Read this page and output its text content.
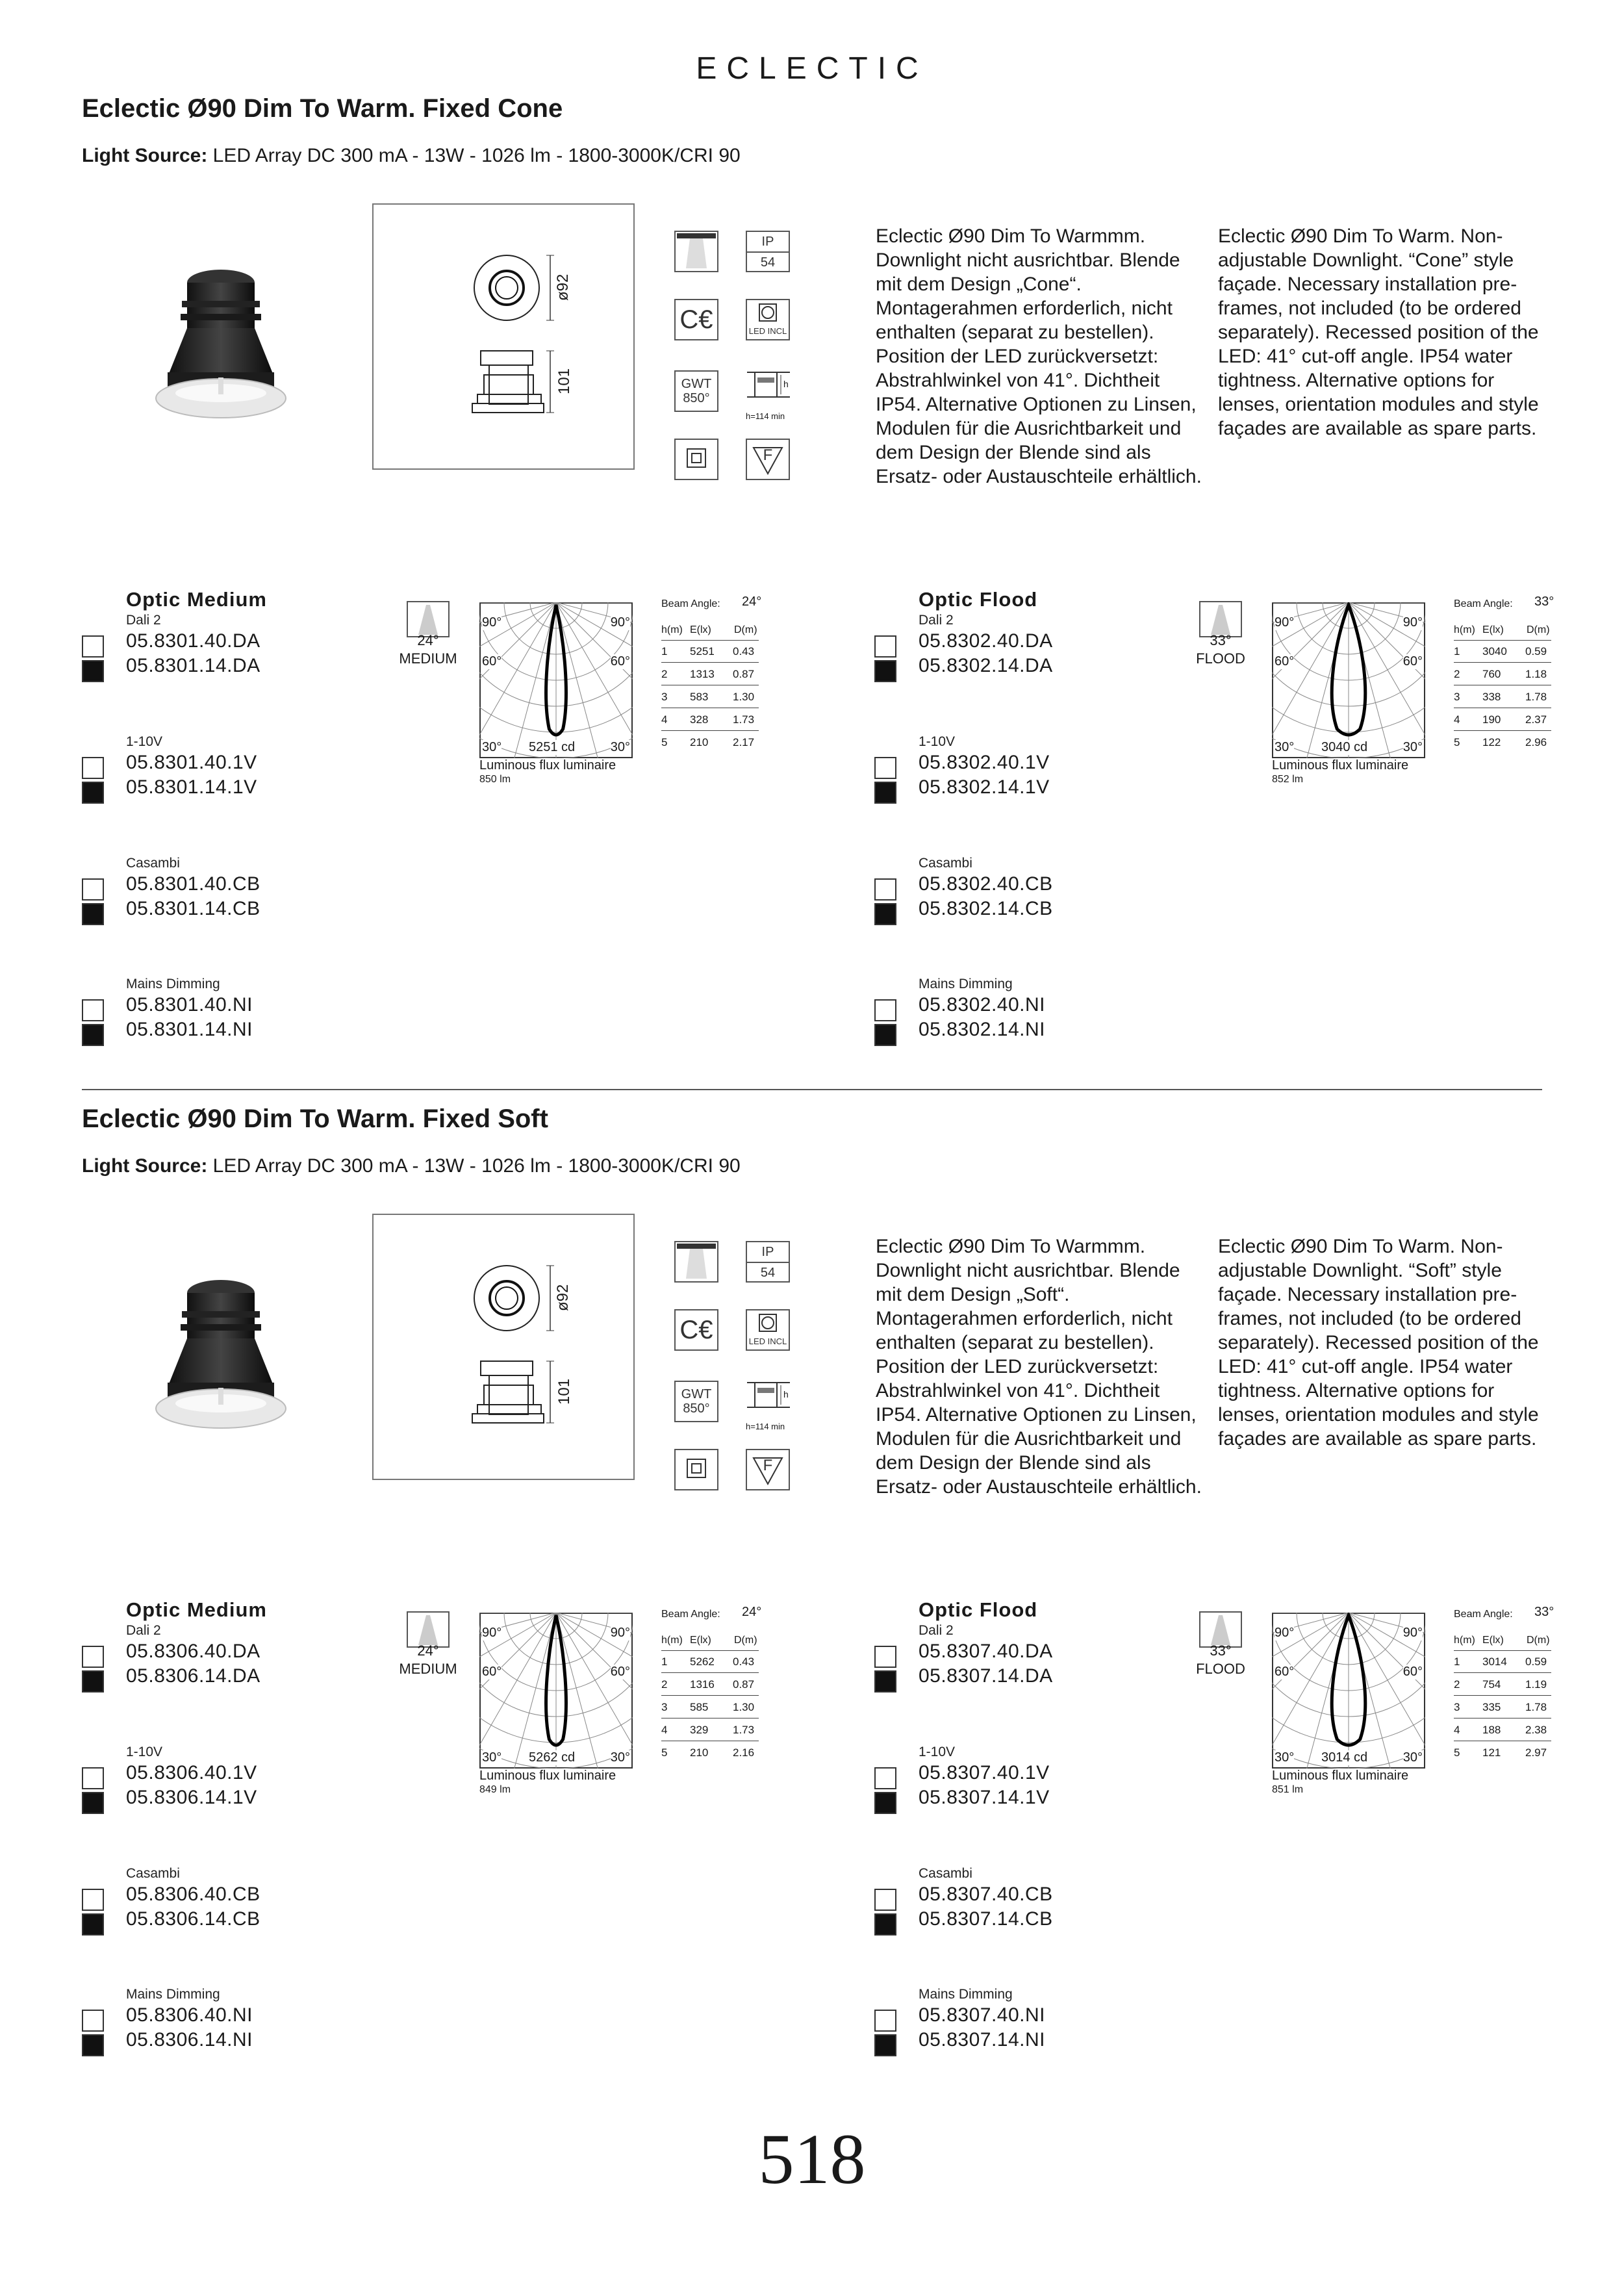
ECLECTIC
Eclectic Ø90 Dim To Warm. Fixed Cone
Light Source: LED Array DC 300 mA - 13W - 1026 lm - 1800-3000K/CRI 90
ø92
101
IP
54
C€	LED INCL
GWT
850°
h
h=114 min
F
Eclectic Ø90 Dim To Warmmm. Downlight nicht ausrichtbar. Blende mit dem Design „Cone“. Montagerahmen erforderlich, nicht enthalten (separat zu bestellen). Position der LED zurückversetzt: Abstrahlwinkel von 41°. Dichtheit IP54. Alternative Optionen zu Linsen, Modulen für die Ausrichtbarkeit und dem Design der Blende sind als Ersatz- oder Austauschteile erhältlich.
Eclectic Ø90 Dim To Warm. Non-adjustable Downlight. “Cone” style façade. Necessary installation pre-frames, not included (to be ordered separately). Recessed position of the LED: 41° cut-off angle. IP54 water tightness. Alternative options for lenses, orientation modules and style façades are available as spare parts.
Optic Medium
Dali 2
05.8301.40.DA
05.8301.14.DA
1-10V
05.8301.40.1V
05.8301.14.1V
Casambi
05.8301.40.CB
05.8301.14.CB
Mains Dimming
05.8301.40.NI
05.8301.14.NI
24°
MEDIUM
90°	90°
60°	60°
30°	30°
5251 cd
Luminous flux luminaire
850 lm
Beam Angle: 24°
h(m) E(lx) D(m)
1 5251 0.43
2 1313 0.87
3 583 1.30
4 328 1.73
5 210 2.17
Optic Flood
Dali 2
05.8302.40.DA
05.8302.14.DA
1-10V
05.8302.40.1V
05.8302.14.1V
Casambi
05.8302.40.CB
05.8302.14.CB
Mains Dimming
05.8302.40.NI
05.8302.14.NI
33°
FLOOD
90°	90°
60°	60°
30°	30°
3040 cd
Luminous flux luminaire
852 lm
Beam Angle: 33°
h(m) E(lx) D(m)
1 3040 0.59
2 760 1.18
3 338 1.78
4 190 2.37
5 122 2.96
Eclectic Ø90 Dim To Warm. Fixed Soft
Light Source: LED Array DC 300 mA - 13W - 1026 lm - 1800-3000K/CRI 90
ø92
101
IP
54
C€	LED INCL
GWT
850°
h
h=114 min
F
Eclectic Ø90 Dim To Warmmm. Downlight nicht ausrichtbar. Blende mit dem Design „Soft“. Montagerahmen erforderlich, nicht enthalten (separat zu bestellen). Position der LED zurückversetzt: Abstrahlwinkel von 41°. Dichtheit IP54. Alternative Optionen zu Linsen, Modulen für die Ausrichtbarkeit und dem Design der Blende sind als Ersatz- oder Austauschteile erhältlich.
Eclectic Ø90 Dim To Warm. Non-adjustable Downlight. “Soft” style façade. Necessary installation pre-frames, not included (to be ordered separately). Recessed position of the LED: 41° cut-off angle. IP54 water tightness. Alternative options for lenses, orientation modules and style façades are available as spare parts.
Optic Medium
Dali 2
05.8306.40.DA
05.8306.14.DA
1-10V
05.8306.40.1V
05.8306.14.1V
Casambi
05.8306.40.CB
05.8306.14.CB
Mains Dimming
05.8306.40.NI
05.8306.14.NI
24°
MEDIUM
90°	90°
60°	60°
30°	30°
5262 cd
Luminous flux luminaire
849 lm
Beam Angle: 24°
h(m) E(lx) D(m)
1 5262 0.43
2 1316 0.87
3 585 1.30
4 329 1.73
5 210 2.16
Optic Flood
Dali 2
05.8307.40.DA
05.8307.14.DA
1-10V
05.8307.40.1V
05.8307.14.1V
Casambi
05.8307.40.CB
05.8307.14.CB
Mains Dimming
05.8307.40.NI
05.8307.14.NI
33°
FLOOD
90°	90°
60°	60°
30°	30°
3014 cd
Luminous flux luminaire
851 lm
Beam Angle: 33°
h(m) E(lx) D(m)
1 3014 0.59
2 754 1.19
3 335 1.78
4 188 2.38
5 121 2.97
518
